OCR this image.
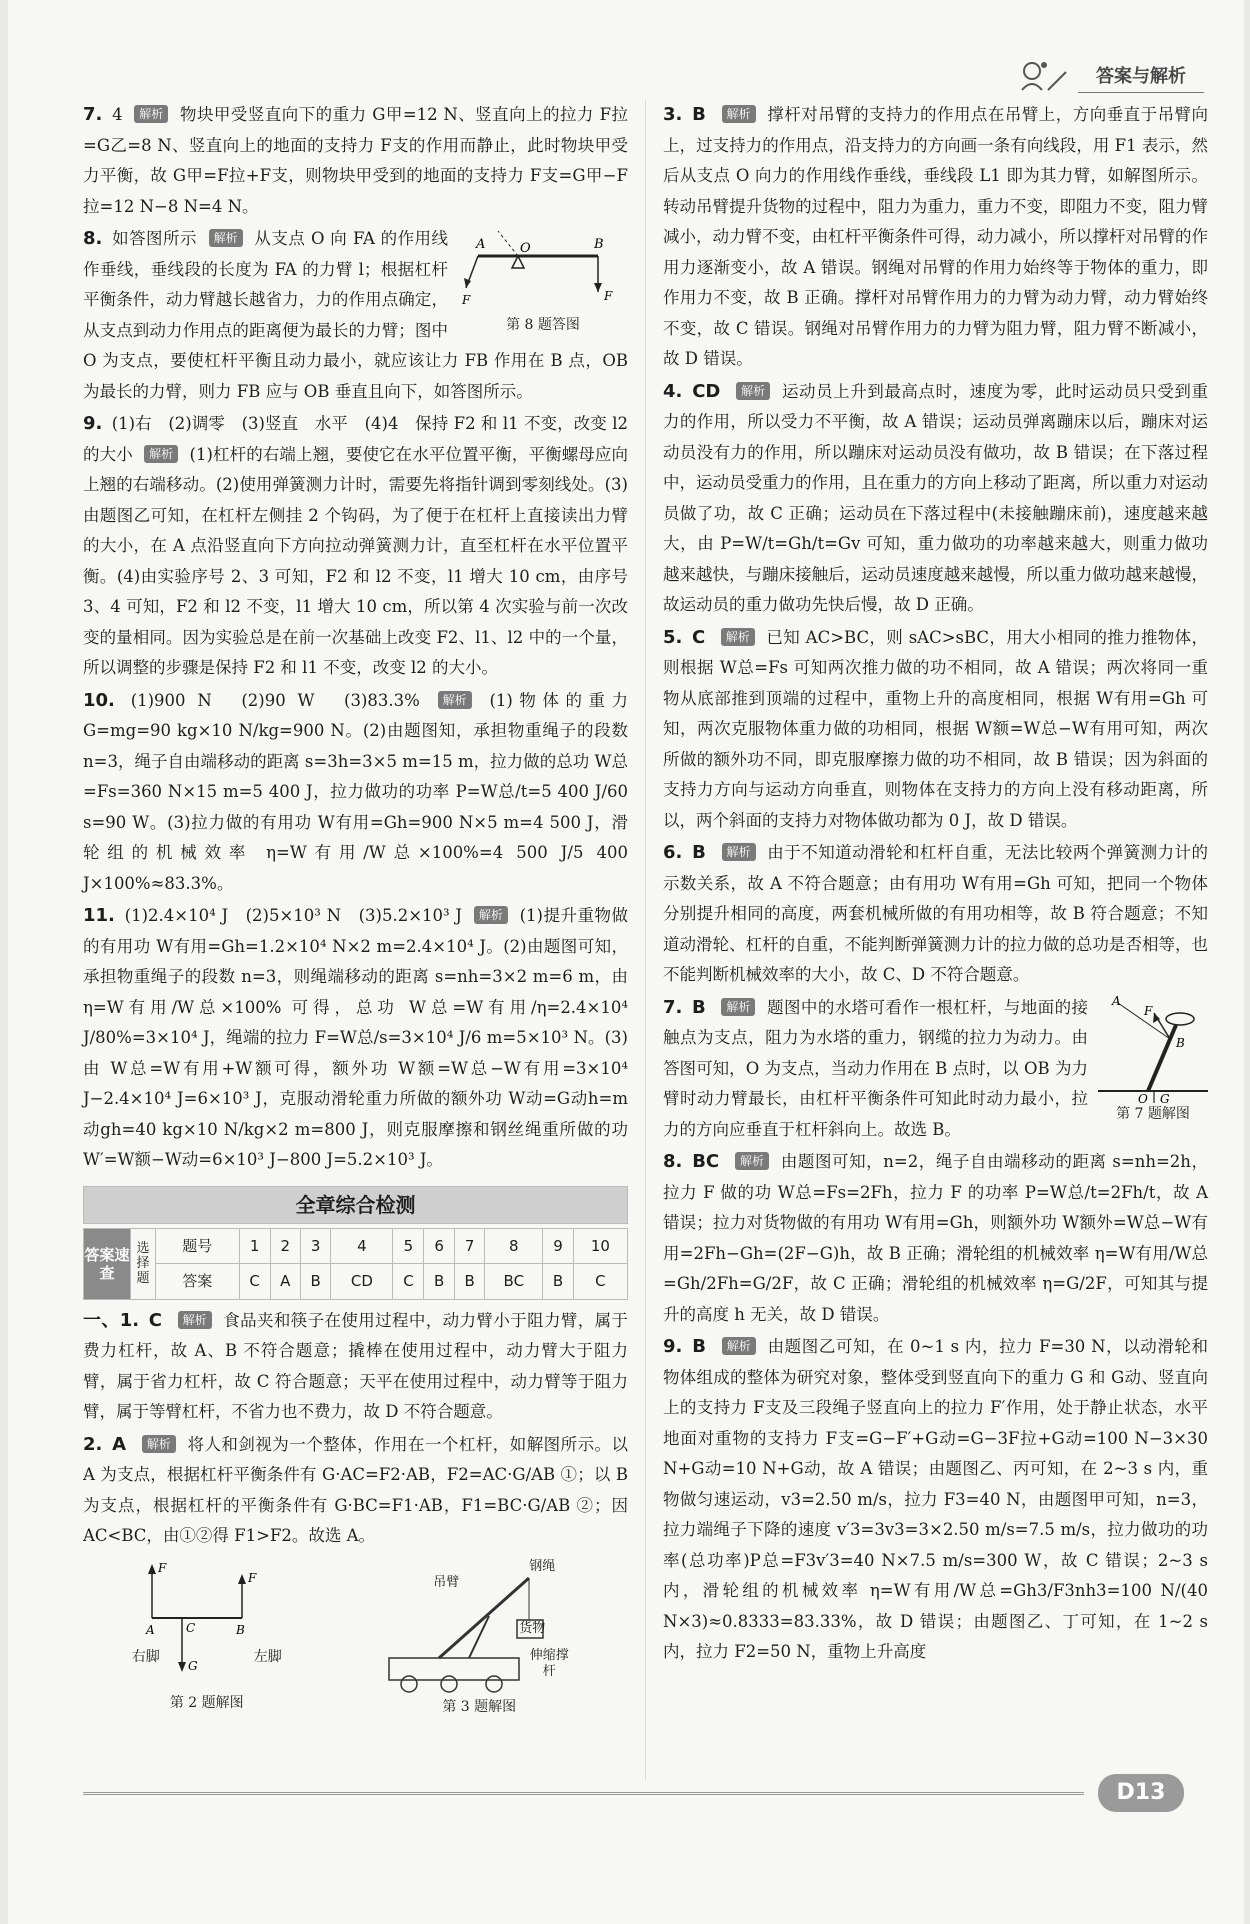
答案与解析
7. 4 解析 物块甲受竖直向下的重力 G甲=12 N、竖直向上的拉力 F拉=G乙=8 N、竖直向上的地面的支持力 F支的作用而静止，此时物块甲受力平衡，故 G甲=F拉+F支，则物块甲受到的地面的支持力 F支=G甲−F拉=12 N−8 N=4 N。
A	O	B
F	F
第 8 题答图
8. 如答图所示 解析 从支点 O 向 FA 的作用线作垂线，垂线段的长度为 FA 的力臂 l；根据杠杆平衡条件，动力臂越长越省力，力的作用点确定，从支点到动力作用点的距离便为最长的力臂；图中 O 为支点，要使杠杆平衡且动力最小，就应该让力 FB 作用在 B 点，OB 为最长的力臂，则力 FB 应与 OB 垂直且向下，如答图所示。
9. (1)右　(2)调零　(3)竖直　水平　(4)4　保持 F2 和 l1 不变，改变 l2 的大小 解析 (1)杠杆的右端上翘，要使它在水平位置平衡，平衡螺母应向上翘的右端移动。(2)使用弹簧测力计时，需要先将指针调到零刻线处。(3)由题图乙可知，在杠杆左侧挂 2 个钩码，为了便于在杠杆上直接读出力臂的大小，在 A 点沿竖直向下方向拉动弹簧测力计，直至杠杆在水平位置平衡。(4)由实验序号 2、3 可知，F2 和 l2 不变，l1 增大 10 cm，由序号 3、4 可知，F2 和 l2 不变，l1 增大 10 cm，所以第 4 次实验与前一次改变的量相同。因为实验总是在前一次基础上改变 F2、l1、l2 中的一个量，所以调整的步骤是保持 F2 和 l1 不变，改变 l2 的大小。
10. (1)900 N　(2)90 W　(3)83.3% 解析 (1)物体的重力 G=mg=90 kg×10 N/kg=900 N。(2)由题图知，承担物重绳子的段数 n=3，绳子自由端移动的距离 s=3h=3×5 m=15 m，拉力做的总功 W总=Fs=360 N×15 m=5 400 J，拉力做功的功率 P=W总/t=5 400 J/60 s=90 W。(3)拉力做的有用功 W有用=Gh=900 N×5 m=4 500 J，滑轮组的机械效率 η=W有用/W总×100%=4 500 J/5 400 J×100%≈83.3%。
11. (1)2.4×10⁴ J　(2)5×10³ N　(3)5.2×10³ J 解析 (1)提升重物做的有用功 W有用=Gh=1.2×10⁴ N×2 m=2.4×10⁴ J。(2)由题图可知，承担物重绳子的段数 n=3，则绳端移动的距离 s=nh=3×2 m=6 m，由 η=W有用/W总×100% 可得，总功 W总=W有用/η=2.4×10⁴ J/80%=3×10⁴ J，绳端的拉力 F=W总/s=3×10⁴ J/6 m=5×10³ N。(3)由 W总=W有用+W额可得，额外功 W额=W总−W有用=3×10⁴ J−2.4×10⁴ J=6×10³ J，克服动滑轮重力所做的额外功 W动=G动h=m动gh=40 kg×10 N/kg×2 m=800 J，则克服摩擦和钢丝绳重所做的功 W′=W额−W动=6×10³ J−800 J=5.2×10³ J。
全章综合检测
答案速查	选择题	题号	1	2	3	4	5	6	7	8	9	10
		答案	C	A	B	CD	C	B	B	BC	B	C
一、1. C 解析 食品夹和筷子在使用过程中，动力臂小于阻力臂，属于费力杠杆，故 A、B 不符合题意；撬棒在使用过程中，动力臂大于阻力臂，属于省力杠杆，故 C 符合题意；天平在使用过程中，动力臂等于阻力臂，属于等臂杠杆，不省力也不费力，故 D 不符合题意。
2. A 解析 将人和剑视为一个整体，作用在一个杠杆，如解图所示。以 A 为支点，根据杠杆平衡条件有 G·AC=F2·AB，F2=AC·G/AB ①；以 B 为支点，根据杠杆的平衡条件有 G·BC=F1·AB，F1=BC·G/AB ②；因 AC<BC，由①②得 F1>F2。故选 A。
F
F
A	C	B
G
右脚	左脚
第 2 题解图
吊臂
钢绳
货物
伸缩撑杆
第 3 题解图
3. B 解析 撑杆对吊臂的支持力的作用点在吊臂上，方向垂直于吊臂向上，过支持力的作用点，沿支持力的方向画一条有向线段，用 F1 表示，然后从支点 O 向力的作用线作垂线，垂线段 L1 即为其力臂，如解图所示。转动吊臂提升货物的过程中，阻力为重力，重力不变，即阻力不变，阻力臂减小，动力臂不变，由杠杆平衡条件可得，动力减小，所以撑杆对吊臂的作用力逐渐变小，故 A 错误。钢绳对吊臂的作用力始终等于物体的重力，即作用力不变，故 B 正确。撑杆对吊臂作用力的力臂为动力臂，动力臂始终不变，故 C 错误。钢绳对吊臂作用力的力臂为阻力臂，阻力臂不断减小，故 D 错误。
4. CD 解析 运动员上升到最高点时，速度为零，此时运动员只受到重力的作用，所以受力不平衡，故 A 错误；运动员弹离蹦床以后，蹦床对运动员没有力的作用，所以蹦床对运动员没有做功，故 B 错误；在下落过程中，运动员受重力的作用，且在重力的方向上移动了距离，所以重力对运动员做了功，故 C 正确；运动员在下落过程中(未接触蹦床前)，速度越来越大，由 P=W/t=Gh/t=Gv 可知，重力做功的功率越来越大，则重力做功越来越快，与蹦床接触后，运动员速度越来越慢，所以重力做功越来越慢，故运动员的重力做功先快后慢，故 D 正确。
5. C 解析 已知 AC>BC，则 sAC>sBC，用大小相同的推力推物体，则根据 W总=Fs 可知两次推力做的功不相同，故 A 错误；两次将同一重物从底部推到顶端的过程中，重物上升的高度相同，根据 W有用=Gh 可知，两次克服物体重力做的功相同，根据 W额=W总−W有用可知，两次所做的额外功不同，即克服摩擦力做的功不相同，故 B 错误；因为斜面的支持力方向与运动方向垂直，则物体在支持力的方向上没有移动距离，所以，两个斜面的支持力对物体做功都为 0 J，故 D 错误。
6. B 解析 由于不知道动滑轮和杠杆自重，无法比较两个弹簧测力计的示数关系，故 A 不符合题意；由有用功 W有用=Gh 可知，把同一个物体分别提升相同的高度，两套机械所做的有用功相等，故 B 符合题意；不知道动滑轮、杠杆的自重，不能判断弹簧测力计的拉力做的总功是否相等，也不能判断机械效率的大小，故 C、D 不符合题意。
A
F
B
O G
第 7 题解图
7. B 解析 题图中的水塔可看作一根杠杆，与地面的接触点为支点，阻力为水塔的重力，钢缆的拉力为动力。由答图可知，O 为支点，当动力作用在 B 点时，以 OB 为力臂时动力臂最长，由杠杆平衡条件可知此时动力最小，拉力的方向应垂直于杠杆斜向上。故选 B。
8. BC 解析 由题图可知，n=2，绳子自由端移动的距离 s=nh=2h，拉力 F 做的功 W总=Fs=2Fh，拉力 F 的功率 P=W总/t=2Fh/t，故 A 错误；拉力对货物做的有用功 W有用=Gh，则额外功 W额外=W总−W有用=2Fh−Gh=(2F−G)h，故 B 正确；滑轮组的机械效率 η=W有用/W总=Gh/2Fh=G/2F，故 C 正确；滑轮组的机械效率 η=G/2F，可知其与提升的高度 h 无关，故 D 错误。
9. B 解析 由题图乙可知，在 0~1 s 内，拉力 F=30 N，以动滑轮和物体组成的整体为研究对象，整体受到竖直向下的重力 G 和 G动、竖直向上的支持力 F支及三段绳子竖直向上的拉力 F′作用，处于静止状态，水平地面对重物的支持力 F支=G−F′+G动=G−3F拉+G动=100 N−3×30 N+G动=10 N+G动，故 A 错误；由题图乙、丙可知，在 2~3 s 内，重物做匀速运动，v3=2.50 m/s，拉力 F3=40 N，由题图甲可知，n=3，拉力端绳子下降的速度 v′3=3v3=3×2.50 m/s=7.5 m/s，拉力做功的功率(总功率)P总=F3v′3=40 N×7.5 m/s=300 W，故 C 错误；2~3 s 内，滑轮组的机械效率 η=W有用/W总=Gh3/F3nh3=100 N/(40 N×3)≈0.8333=83.33%，故 D 错误；由题图乙、丁可知，在 1~2 s 内，拉力 F2=50 N，重物上升高度
D13
